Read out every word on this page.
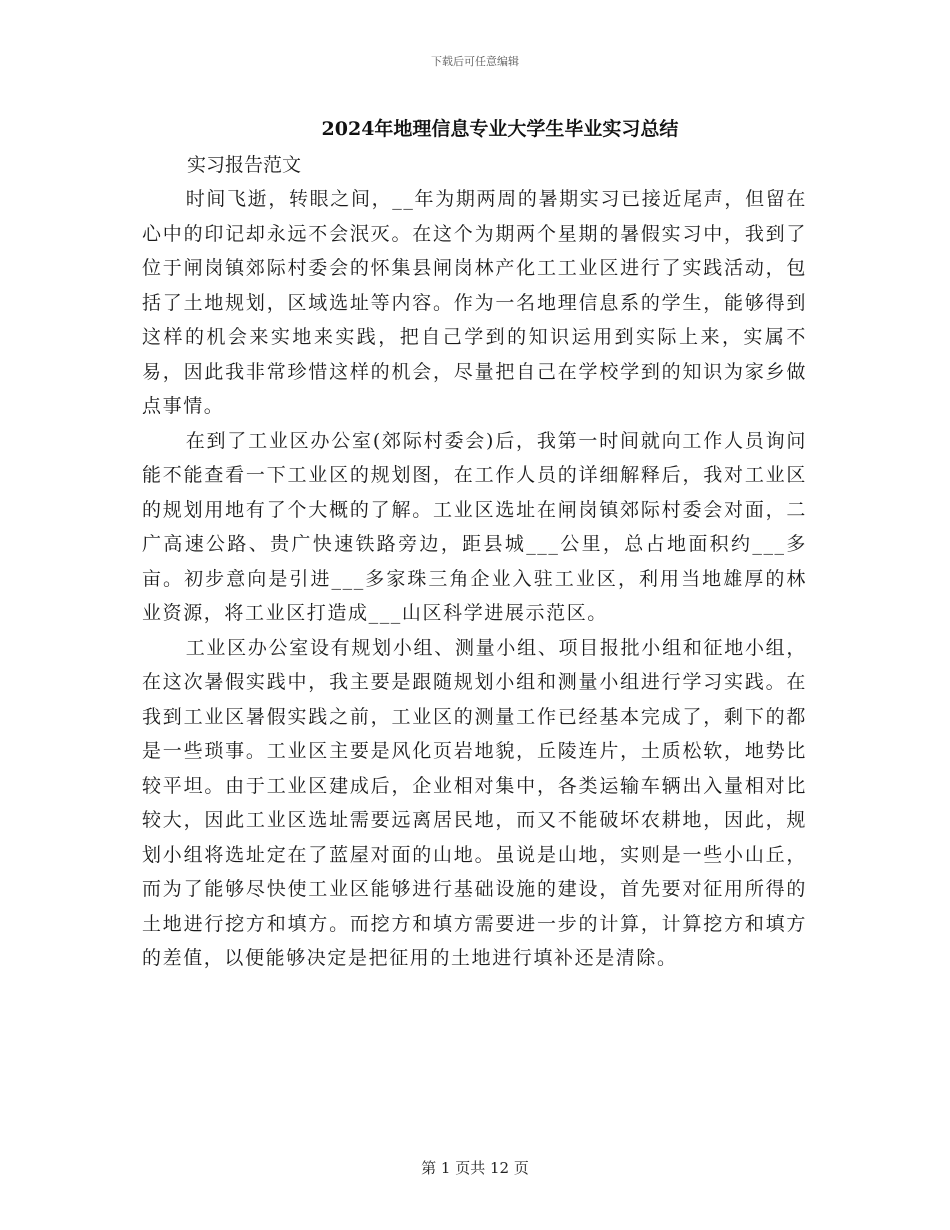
下载后可任意编辑
2024年地理信息专业大学生毕业实习总结
实习报告范文

时间飞逝，转眼之间，__年为期两周的暑期实习已接近尾声，但留在心中的印记却永远不会泯灭。在这个为期两个星期的暑假实习中，我到了位于闸岗镇郊际村委会的怀集县闸岗林产化工工业区进行了实践活动，包括了土地规划，区域选址等内容。作为一名地理信息系的学生，能够得到这样的机会来实地来实践，把自己学到的知识运用到实际上来，实属不易，因此我非常珍惜这样的机会，尽量把自己在学校学到的知识为家乡做点事情。

在到了工业区办公室(郊际村委会)后，我第一时间就向工作人员询问能不能查看一下工业区的规划图，在工作人员的详细解释后，我对工业区的规划用地有了个大概的了解。工业区选址在闸岗镇郊际村委会对面，二广高速公路、贵广快速铁路旁边，距县城___公里，总占地面积约___多亩。初步意向是引进___多家珠三角企业入驻工业区，利用当地雄厚的林业资源，将工业区打造成___山区科学进展示范区。

工业区办公室设有规划小组、测量小组、项目报批小组和征地小组，在这次暑假实践中，我主要是跟随规划小组和测量小组进行学习实践。在我到工业区暑假实践之前，工业区的测量工作已经基本完成了，剩下的都是一些琐事。工业区主要是风化页岩地貌，丘陵连片，土质松软，地势比较平坦。由于工业区建成后，企业相对集中，各类运输车辆出入量相对比较大，因此工业区选址需要远离居民地，而又不能破坏农耕地，因此，规划小组将选址定在了蓝屋对面的山地。虽说是山地，实则是一些小山丘，而为了能够尽快使工业区能够进行基础设施的建设，首先要对征用所得的土地进行挖方和填方。而挖方和填方需要进一步的计算，计算挖方和填方的差值，以便能够决定是把征用的土地进行填补还是清除。

第 1 页共 12 页
